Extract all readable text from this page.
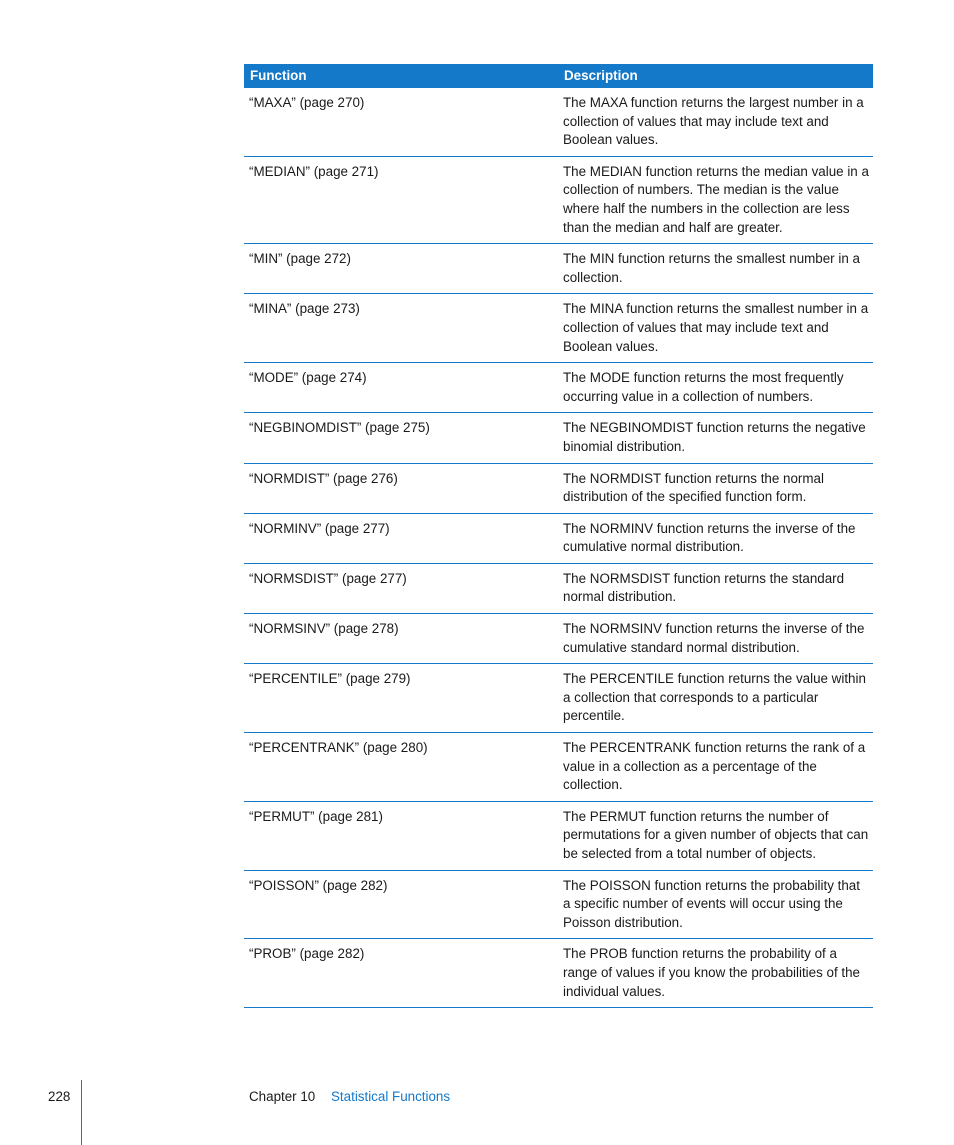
Function	Description
“MAXA” (page 270)	The MAXA function returns the largest number in a collection of values that may include text and Boolean values.
“MEDIAN” (page 271)	The MEDIAN function returns the median value in a collection of numbers. The median is the value where half the numbers in the collection are less than the median and half are greater.
“MIN” (page 272)	The MIN function returns the smallest number in a collection.
“MINA” (page 273)	The MINA function returns the smallest number in a collection of values that may include text and Boolean values.
“MODE” (page 274)	The MODE function returns the most frequently occurring value in a collection of numbers.
“NEGBINOMDIST” (page 275)	The NEGBINOMDIST function returns the negative binomial distribution.
“NORMDIST” (page 276)	The NORMDIST function returns the normal distribution of the specified function form.
“NORMINV” (page 277)	The NORMINV function returns the inverse of the cumulative normal distribution.
“NORMSDIST” (page 277)	The NORMSDIST function returns the standard normal distribution.
“NORMSINV” (page 278)	The NORMSINV function returns the inverse of the cumulative standard normal distribution.
“PERCENTILE” (page 279)	The PERCENTILE function returns the value within a collection that corresponds to a particular percentile.
“PERCENTRANK” (page 280)	The PERCENTRANK function returns the rank of a value in a collection as a percentage of the collection.
“PERMUT” (page 281)	The PERMUT function returns the number of permutations for a given number of objects that can be selected from a total number of objects.
“POISSON” (page 282)	The POISSON function returns the probability that a specific number of events will occur using the Poisson distribution.
“PROB” (page 282)	The PROB function returns the probability of a range of values if you know the probabilities of the individual values.
228	Chapter 10 Statistical Functions
